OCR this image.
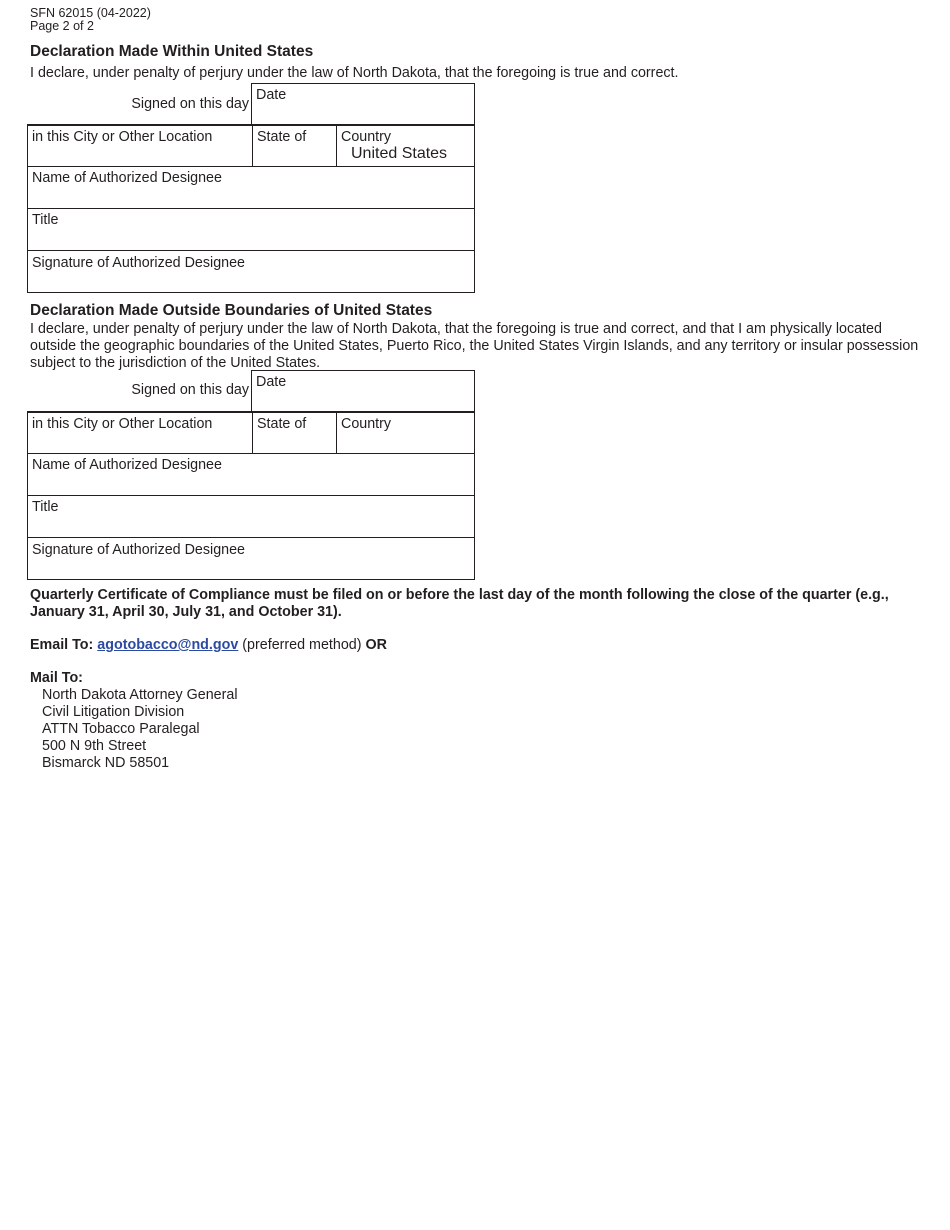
SFN 62015 (04-2022)
Page 2 of 2
Declaration Made Within United States
I declare, under penalty of perjury under the law of North Dakota, that the foregoing is true and correct.
Signed on this day
Date
in this City or Other Location	State of Country
United States
Name of Authorized Designee
Title
Signature of Authorized Designee
Declaration Made Outside Boundaries of United States
I declare, under penalty of perjury under the law of North Dakota, that the foregoing is true and correct, and that I am physically located outside the geographic boundaries of the United States, Puerto Rico, the United States Virgin Islands, and any territory or insular possession subject to the jurisdiction of the United States.
Signed on this day Date
in this City or Other Location	State of Country
Name of Authorized Designee
Title
Signature of Authorized Designee
Quarterly Certificate of Compliance must be filed on or before the last day of the month following the close of the quarter (e.g., January 31, April 30, July 31, and October 31).
Email To: agotobacco@nd.gov (preferred method) OR
Mail To:
North Dakota Attorney General
Civil Litigation Division
ATTN Tobacco Paralegal
500 N 9th Street
Bismarck ND 58501
